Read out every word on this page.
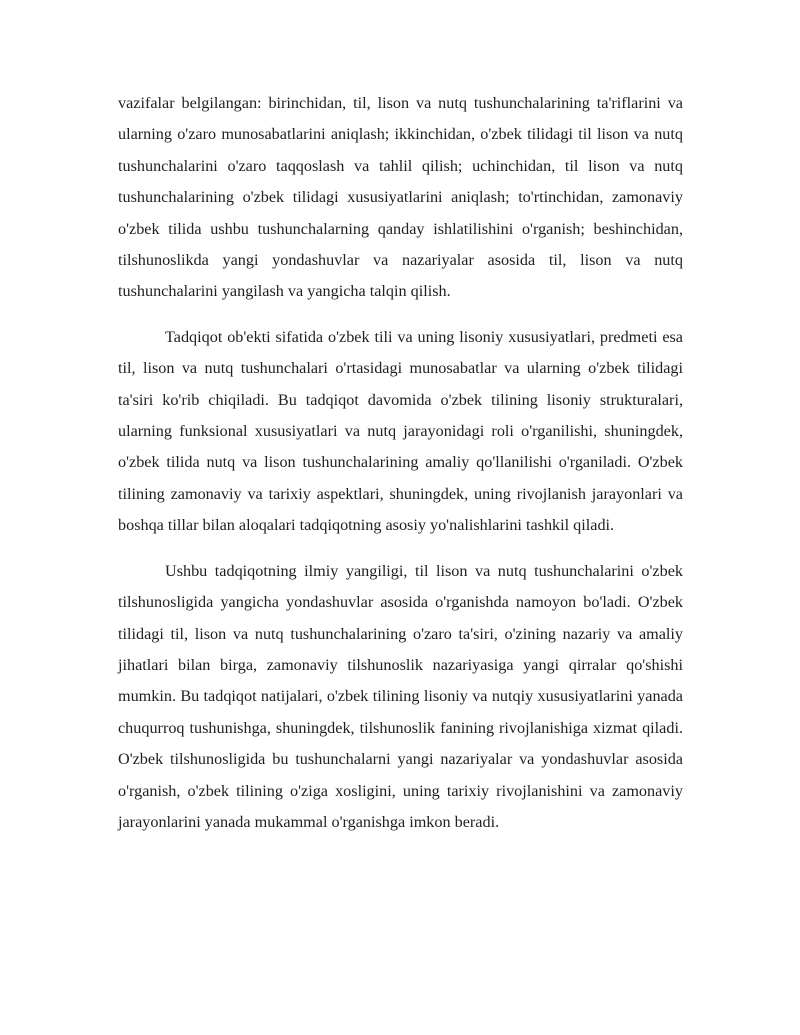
vazifalar belgilangan: birinchidan, til, lison va nutq tushunchalarining ta'riflarini va ularning o'zaro munosabatlarini aniqlash; ikkinchidan, o'zbek tilidagi til lison va nutq tushunchalarini o'zaro taqqoslash va tahlil qilish; uchinchidan, til lison va nutq tushunchalarining o'zbek tilidagi xususiyatlarini aniqlash; to'rtinchidan, zamonaviy o'zbek tilida ushbu tushunchalarning qanday ishlatilishini o'rganish; beshinchidan, tilshunoslikda yangi yondashuvlar va nazariyalar asosida til, lison va nutq tushunchalarini yangilash va yangicha talqin qilish.

Tadqiqot ob'ekti sifatida o'zbek tili va uning lisoniy xususiyatlari, predmeti esa til, lison va nutq tushunchalari o'rtasidagi munosabatlar va ularning o'zbek tilidagi ta'siri ko'rib chiqiladi. Bu tadqiqot davomida o'zbek tilining lisoniy strukturalari, ularning funksional xususiyatlari va nutq jarayonidagi roli o'rganilishi, shuningdek, o'zbek tilida nutq va lison tushunchalarining amaliy qo'llanilishi o'rganiladi. O'zbek tilining zamonaviy va tarixiy aspektlari, shuningdek, uning rivojlanish jarayonlari va boshqa tillar bilan aloqalari tadqiqotning asosiy yo'nalishlarini tashkil qiladi.

Ushbu tadqiqotning ilmiy yangiligi, til lison va nutq tushunchalarini o'zbek tilshunosligida yangicha yondashuvlar asosida o'rganishda namoyon bo'ladi. O'zbek tilidagi til, lison va nutq tushunchalarining o'zaro ta'siri, o'zining nazariy va amaliy jihatlari bilan birga, zamonaviy tilshunoslik nazariyasiga yangi qirralar qo'shishi mumkin. Bu tadqiqot natijalari, o'zbek tilining lisoniy va nutqiy xususiyatlarini yanada chuqurroq tushunishga, shuningdek, tilshunoslik fanining rivojlanishiga xizmat qiladi. O'zbek tilshunosligida bu tushunchalarni yangi nazariyalar va yondashuvlar asosida o'rganish, o'zbek tilining o'ziga xosligini, uning tarixiy rivojlanishini va zamonaviy jarayonlarini yanada mukammal o'rganishga imkon beradi.
